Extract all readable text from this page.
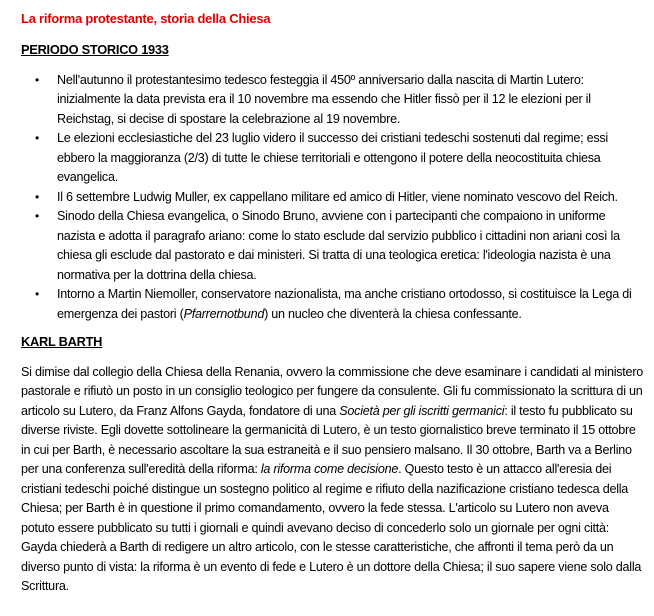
La riforma protestante, storia della Chiesa
PERIODO STORICO 1933
• Nell'autunno il protestantesimo tedesco festeggia il 450º anniversario dalla nascita di Martin Lutero: inizialmente la data prevista era il 10 novembre ma essendo che Hitler fissò per il 12 le elezioni per il Reichstag, si decise di spostare la celebrazione al 19 novembre.
• Le elezioni ecclesiastiche del 23 luglio videro il successo dei cristiani tedeschi sostenuti dal regime; essi ebbero la maggioranza (2/3) di tutte le chiese territoriali e ottengono il potere della neocostituita chiesa evangelica.
• Il 6 settembre Ludwig Muller, ex cappellano militare ed amico di Hitler, viene nominato vescovo del Reich.
• Sinodo della Chiesa evangelica, o Sinodo Bruno, avviene con i partecipanti che compaiono in uniforme nazista e adotta il paragrafo ariano: come lo stato esclude dal servizio pubblico i cittadini non ariani così la chiesa gli esclude dal pastorato e dai ministeri. Si tratta di una teologica eretica: l'ideologia nazista è una normativa per la dottrina della chiesa.
• Intorno a Martin Niemoller, conservatore nazionalista, ma anche cristiano ortodosso, si costituisce la Lega di emergenza dei pastori (Pfarrernotbund) un nucleo che diventerà la chiesa confessante.
KARL BARTH

Si dimise dal collegio della Chiesa della Renania, ovvero la commissione che deve esaminare i candidati al ministero pastorale e rifiutò un posto in un consiglio teologico per fungere da consulente. Gli fu commissionato la scrittura di un articolo su Lutero, da Franz Alfons Gayda, fondatore di una Società per gli iscritti germanici: il testo fu pubblicato su diverse riviste. Egli dovette sottolineare la germanicità di Lutero, è un testo giornalistico breve terminato il 15 ottobre in cui per Barth, è necessario ascoltare la sua estraneità e il suo pensiero malsano. Il 30 ottobre, Barth va a Berlino per una conferenza sull'eredità della riforma: la riforma come decisione. Questo testo è un attacco all'eresia dei cristiani tedeschi poiché distingue un sostegno politico al regime e rifiuto della nazificazione cristiano tedesca della Chiesa; per Barth è in questione il primo comandamento, ovvero la fede stessa. L'articolo su Lutero non aveva potuto essere pubblicato su tutti i giornali e quindi avevano deciso di concederlo solo un giornale per ogni città: Gayda chiederà a Barth di redigere un altro articolo, con le stesse caratteristiche, che affronti il tema però da un diverso punto di vista: la riforma è un evento di fede e Lutero è un dottore della Chiesa; il suo sapere viene solo dalla Scrittura.
